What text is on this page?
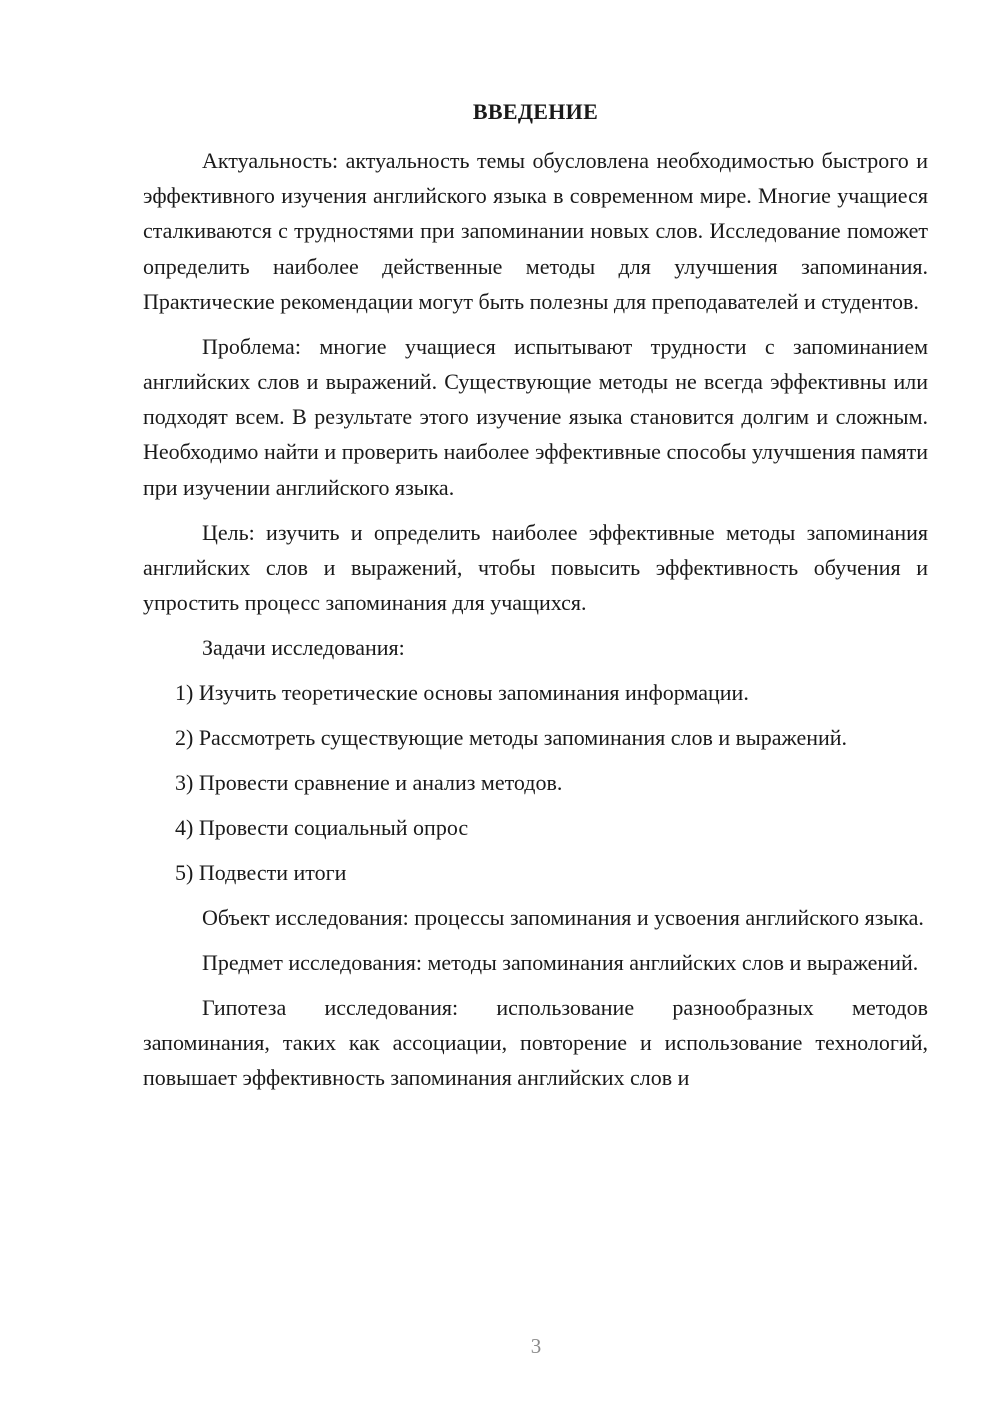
ВВЕДЕНИЕ

Актуальность: актуальность темы обусловлена необходимостью быстрого и эффективного изучения английского языка в современном мире. Многие учащиеся сталкиваются с трудностями при запоминании новых слов. Исследование поможет определить наиболее действенные методы для улучшения запоминания. Практические рекомендации могут быть полезны для преподавателей и студентов.

Проблема: многие учащиеся испытывают трудности с запоминанием английских слов и выражений. Существующие методы не всегда эффективны или подходят всем. В результате этого изучение языка становится долгим и сложным. Необходимо найти и проверить наиболее эффективные способы улучшения памяти при изучении английского языка.

Цель: изучить и определить наиболее эффективные методы запоминания английских слов и выражений, чтобы повысить эффективность обучения и упростить процесс запоминания для учащихся.

Задачи исследования:

1) Изучить теоретические основы запоминания информации.

2) Рассмотреть существующие методы запоминания слов и выражений.

3) Провести сравнение и анализ методов.

4) Провести социальный опрос

5) Подвести итоги

Объект исследования: процессы запоминания и усвоения английского языка.

Предмет исследования: методы запоминания английских слов и выражений.

Гипотеза исследования: использование разнообразных методов запоминания, таких как ассоциации, повторение и использование технологий, повышает эффективность запоминания английских слов и

3
